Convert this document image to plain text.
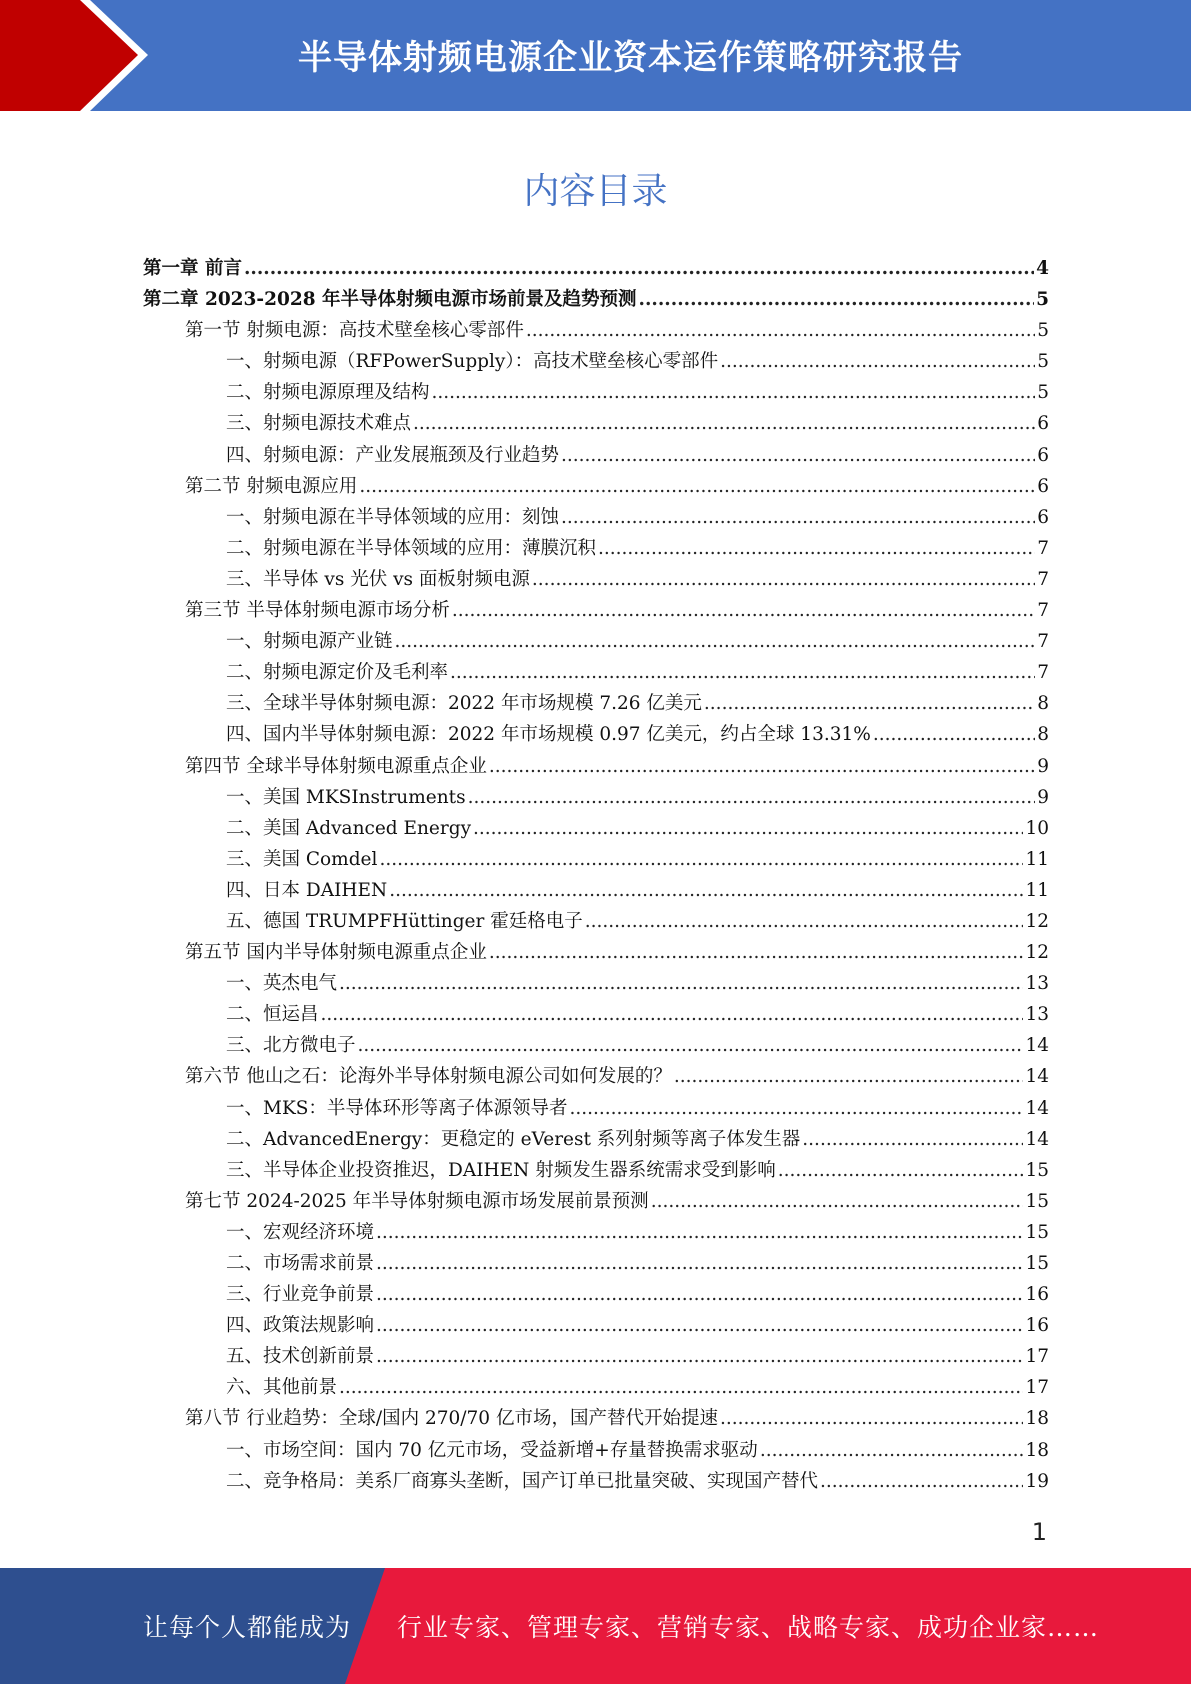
半导体射频电源企业资本运作策略研究报告
内容目录
第一章 前言 .....	4
第二章 2023-2028 年半导体射频电源市场前景及趋势预测 .....	5
第一节 射频电源：高技术壁垒核心零部件 .....	5
一、射频电源（RFPowerSupply）：高技术壁垒核心零部件 .....	5
二、射频电源原理及结构 .....	5
三、射频电源技术难点 .....	6
四、射频电源：产业发展瓶颈及行业趋势 .....	6
第二节 射频电源应用 .....	6
一、射频电源在半导体领域的应用：刻蚀 .....	6
二、射频电源在半导体领域的应用：薄膜沉积 .....	7
三、半导体 vs 光伏 vs 面板射频电源 .....	7
第三节 半导体射频电源市场分析 .....	7
一、射频电源产业链 .....	7
二、射频电源定价及毛利率 .....	7
三、全球半导体射频电源：2022 年市场规模 7.26 亿美元 .....	8
四、国内半导体射频电源：2022 年市场规模 0.97 亿美元，约占全球 13.31% .....	8
第四节 全球半导体射频电源重点企业 .....	9
一、美国 MKSInstruments .....	9
二、美国 Advanced Energy .....	10
三、美国 Comdel .....	11
四、日本 DAIHEN .....	11
五、德国 TRUMPFHüttinger 霍廷格电子 .....	12
第五节 国内半导体射频电源重点企业 .....	12
一、英杰电气 .....	13
二、恒运昌 .....	13
三、北方微电子 .....	14
第六节 他山之石：论海外半导体射频电源公司如何发展的？ .....	14
一、MKS：半导体环形等离子体源领导者 .....	14
二、AdvancedEnergy：更稳定的 eVerest 系列射频等离子体发生器 .....	14
三、半导体企业投资推迟，DAIHEN 射频发生器系统需求受到影响 .....	15
第七节 2024-2025 年半导体射频电源市场发展前景预测 .....	15
一、宏观经济环境 .....	15
二、市场需求前景 .....	15
三、行业竞争前景 .....	16
四、政策法规影响 .....	16
五、技术创新前景 .....	17
六、其他前景 .....	17
第八节 行业趋势：全球/国内 270/70 亿市场，国产替代开始提速 .....	18
一、市场空间：国内 70 亿元市场，受益新增+存量替换需求驱动 .....	18
二、竞争格局：美系厂商寡头垄断，国产订单已批量突破、实现国产替代 .....	19
1
让每个人都能成为 行业专家、管理专家、营销专家、战略专家、成功企业家……
